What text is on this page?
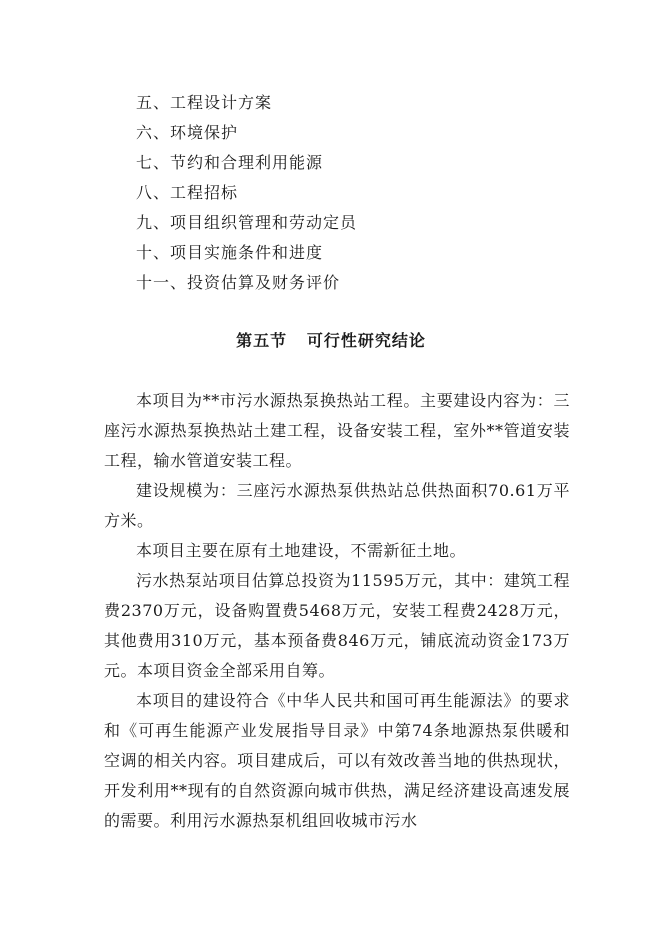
五、工程设计方案
六、环境保护
七、节约和合理利用能源
八、工程招标
九、项目组织管理和劳动定员
十、项目实施条件和进度
十一、投资估算及财务评价
第五节   可行性研究结论

本项目为**市污水源热泵换热站工程。主要建设内容为：三座污水源热泵换热站土建工程，设备安装工程，室外**管道安装工程，输水管道安装工程。

建设规模为：三座污水源热泵供热站总供热面积70.61万平方米。

本项目主要在原有土地建设，不需新征土地。

污水热泵站项目估算总投资为11595万元，其中：建筑工程费2370万元，设备购置费5468万元，安装工程费2428万元，其他费用310万元，基本预备费846万元，铺底流动资金173万元。本项目资金全部采用自筹。

本项目的建设符合《中华人民共和国可再生能源法》的要求和《可再生能源产业发展指导目录》中第74条地源热泵供暖和空调的相关内容。项目建成后，可以有效改善当地的供热现状，开发利用**现有的自然资源向城市供热，满足经济建设高速发展的需要。利用污水源热泵机组回收城市污水
